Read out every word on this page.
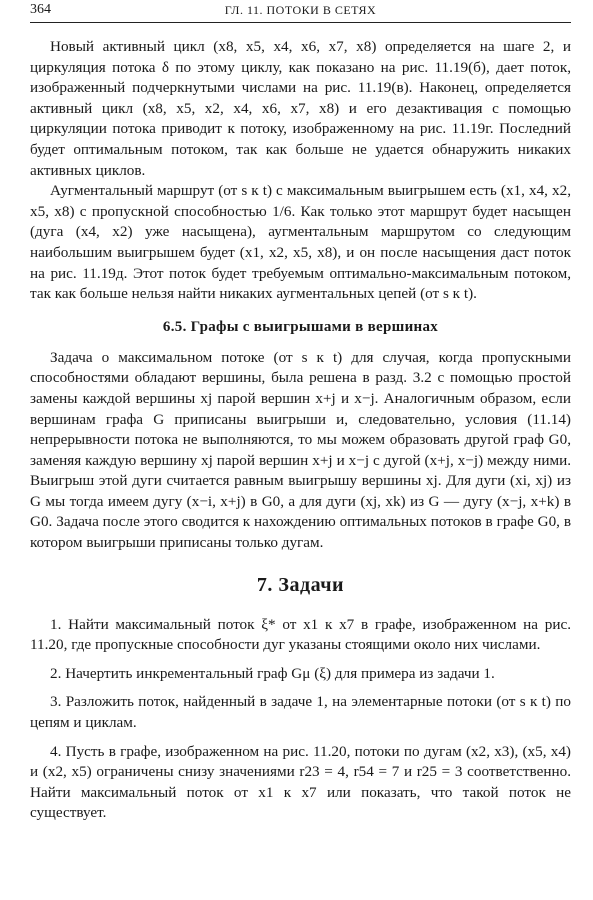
364	ГЛ. 11. ПОТОКИ В СЕТЯХ

Новый активный цикл (x8, x5, x4, x6, x7, x8) определяется на шаге 2, и циркуляция потока δ по этому циклу, как показано на рис. 11.19(б), дает поток, изображенный подчеркнутыми числами на рис. 11.19(в). Наконец, определяется активный цикл (x8, x5, x2, x4, x6, x7, x8) и его дезактивация с помощью циркуляции потока приводит к потоку, изображенному на рис. 11.19г. Последний будет оптимальным потоком, так как больше не удается обнаружить никаких активных циклов.

Аугментальный маршрут (от s к t) с максимальным выигрышем есть (x1, x4, x2, x5, x8) с пропускной способностью 1/6. Как только этот маршрут будет насыщен (дуга (x4, x2) уже насыщена), аугментальным маршрутом со следующим наибольшим выигрышем будет (x1, x2, x5, x8), и он после насыщения даст поток на рис. 11.19д. Этот поток будет требуемым оптимально-максимальным потоком, так как больше нельзя найти никаких аугментальных цепей (от s к t).

6.5. Графы с выигрышами в вершинах

Задача о максимальном потоке (от s к t) для случая, когда пропускными способностями обладают вершины, была решена в разд. 3.2 с помощью простой замены каждой вершины xj парой вершин x+j и x−j. Аналогичным образом, если вершинам графа G приписаны выигрыши и, следовательно, условия (11.14) непрерывности потока не выполняются, то мы можем образовать другой граф G0, заменяя каждую вершину xj парой вершин x+j и x−j с дугой (x+j, x−j) между ними. Выигрыш этой дуги считается равным выигрышу вершины xj. Для дуги (xi, xj) из G мы тогда имеем дугу (x−i, x+j) в G0, а для дуги (xj, xk) из G — дугу (x−j, x+k) в G0. Задача после этого сводится к нахождению оптимальных потоков в графе G0, в котором выигрыши приписаны только дугам.

7. Задачи

1. Найти максимальный поток ξ* от x1 к x7 в графе, изображенном на рис. 11.20, где пропускные способности дуг указаны стоящими около них числами.

2. Начертить инкрементальный граф Gμ (ξ) для примера из задачи 1.

3. Разложить поток, найденный в задаче 1, на элементарные потоки (от s к t) по цепям и циклам.

4. Пусть в графе, изображенном на рис. 11.20, потоки по дугам (x2, x3), (x5, x4) и (x2, x5) ограничены снизу значениями r23 = 4, r54 = 7 и r25 = 3 соответственно. Найти максимальный поток от x1 к x7 или показать, что такой поток не существует.
